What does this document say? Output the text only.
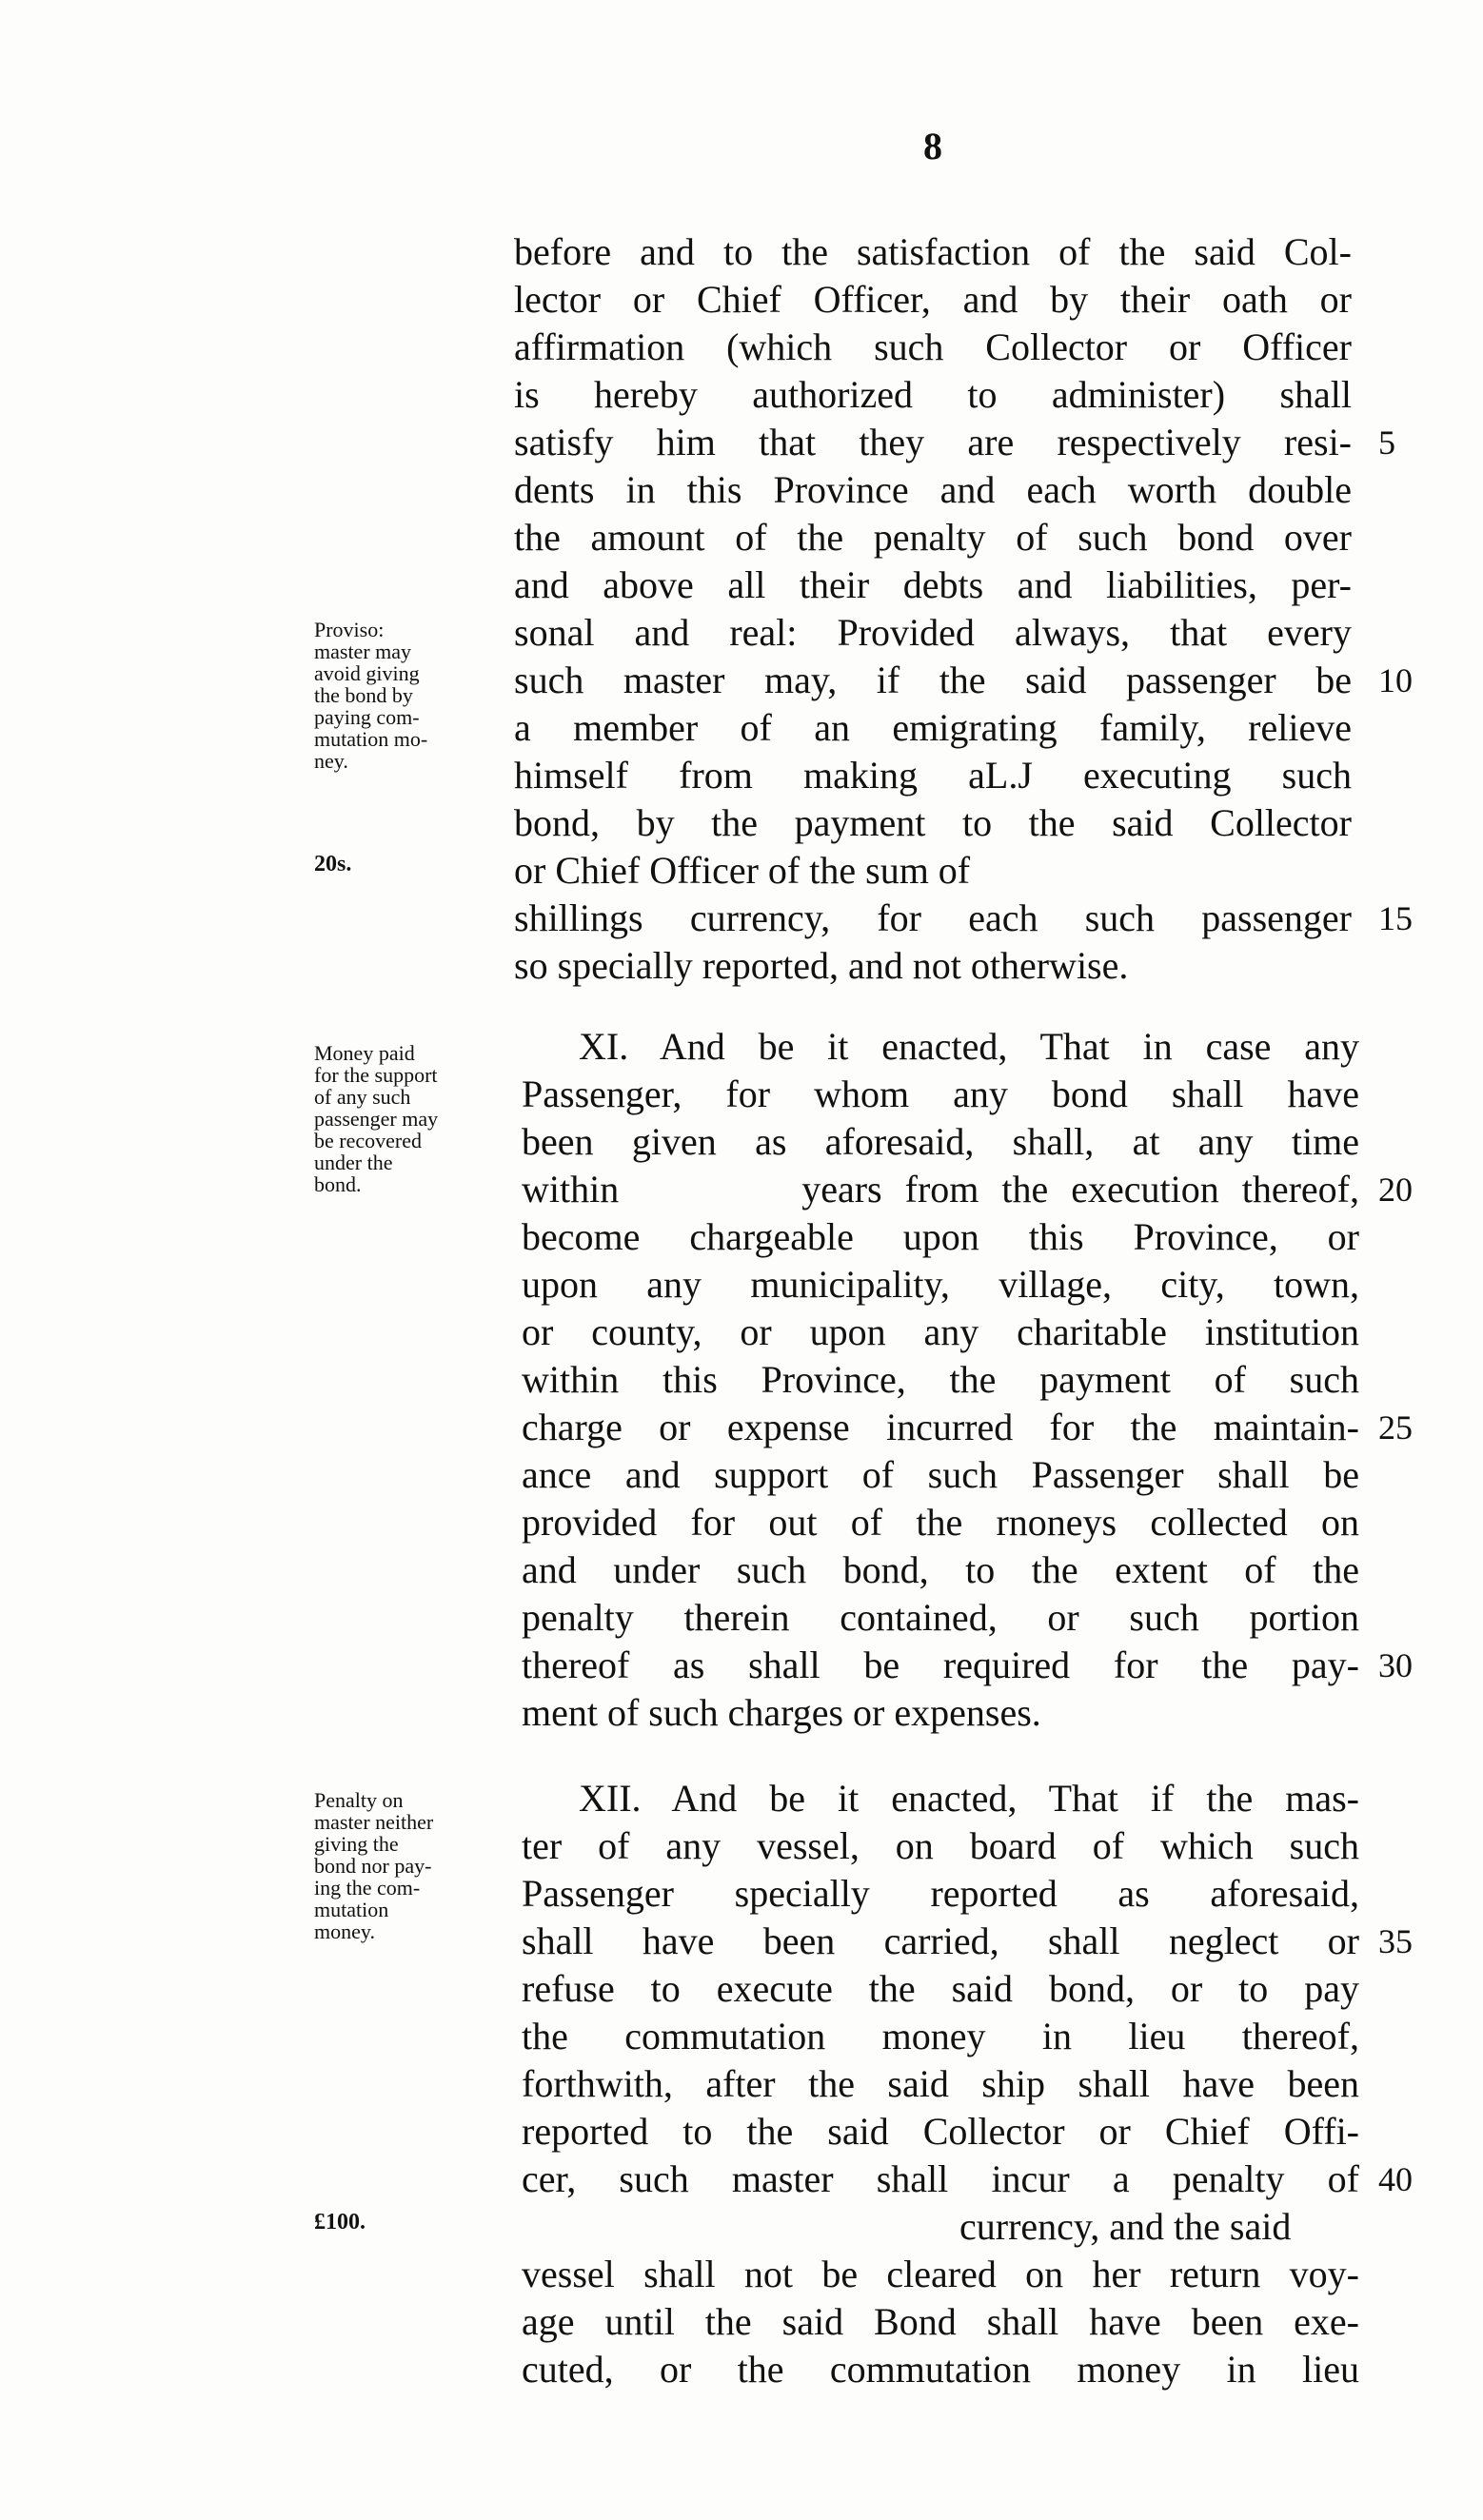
8
before and to the satisfaction of the said Col-
lector or Chief Officer, and by their oath or
affirmation (which such Collector or Officer
is hereby authorized to administer) shall
satisfy him that they are respectively resi-
dents in this Province and each worth double
the amount of the penalty of such bond over
and above all their debts and liabilities, per-
sonal and real: Provided always, that every
such master may, if the said passenger be
a member of an emigrating family, relieve
himself from making aL.J executing such
bond, by the payment to the said Collector
or Chief Officer of the sum of
shillings currency, for each such passenger
so specially reported, and not otherwise.
XI. And be it enacted, That in case any
Passenger, for whom any bond shall have
been given as aforesaid, shall, at any time
within        years from the execution thereof,
become chargeable upon this Province, or
upon any municipality, village, city, town,
or county, or upon any charitable institution
within this Province, the payment of such
charge or expense incurred for the maintain-
ance and support of such Passenger shall be
provided for out of the rnoneys collected on
and under such bond, to the extent of the
penalty therein contained, or such portion
thereof as shall be required for the pay-
ment of such charges or expenses.
XII. And be it enacted, That if the mas-
ter of any vessel, on board of which such
Passenger specially reported as aforesaid,
shall have been carried, shall neglect or
refuse to execute the said bond, or to pay
the commutation money in lieu thereof,
forthwith, after the said ship shall have been
reported to the said Collector or Chief Offi-
cer, such master shall incur a penalty of
currency, and the said
vessel shall not be cleared on her return voy-
age until the said Bond shall have been exe-
cuted, or the commutation money in lieu
5
10
15
20
25
30
35
40
Proviso:
master may
avoid giving
the bond by
paying com-
mutation mo-
ney.
20s.
Money paid
for the support
of any such
passenger may
be recovered
under the
bond.
Penalty on
master neither
giving the
bond nor pay-
ing the com-
mutation
money.
£100.
